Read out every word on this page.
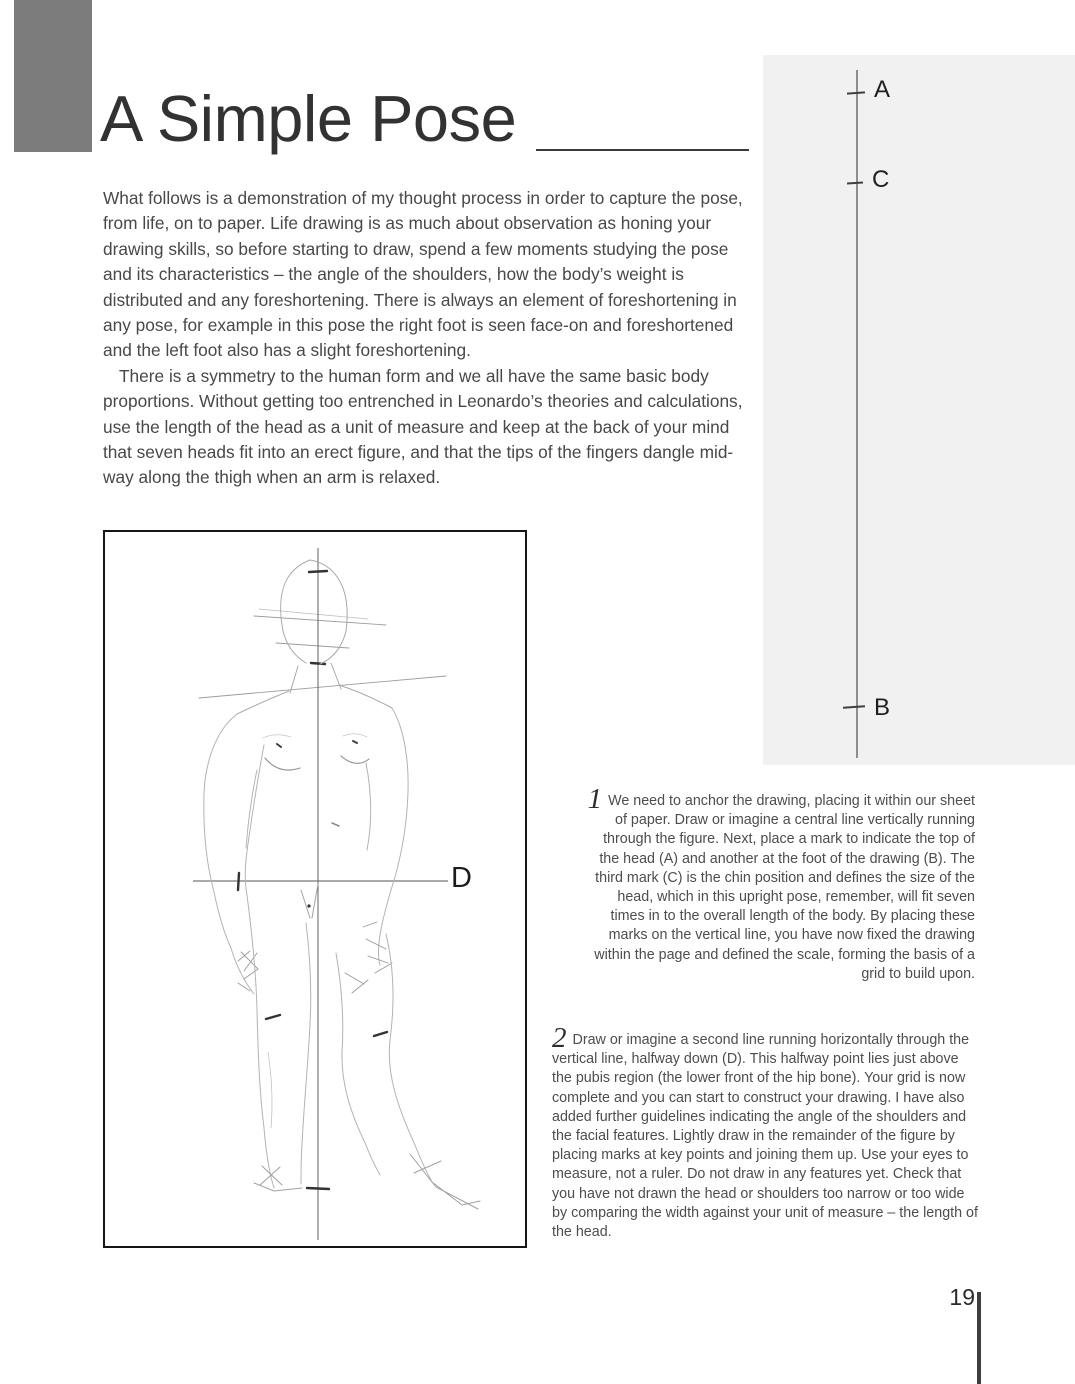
A Simple Pose

What follows is a demonstration of my thought process in order to capture the pose, from life, on to paper. Life drawing is as much about observation as honing your drawing skills, so before starting to draw, spend a few moments studying the pose and its characteristics – the angle of the shoulders, how the body’s weight is distributed and any foreshortening. There is always an element of foreshortening in any pose, for example in this pose the right foot is seen face-on and foreshortened and the left foot also has a slight foreshortening.

There is a symmetry to the human form and we all have the same basic body proportions. Without getting too entrenched in Leonardo’s theories and calculations, use the length of the head as a unit of measure and keep at the back of your mind that seven heads fit into an erect figure, and that the tips of the fingers dangle mid-way along the thigh when an arm is relaxed.

A
C
B
D

1 We need to anchor the drawing, placing it within our sheet of paper. Draw or imagine a central line vertically running through the figure. Next, place a mark to indicate the top of the head (A) and another at the foot of the drawing (B). The third mark (C) is the chin position and defines the size of the head, which in this upright pose, remember, will fit seven times in to the overall length of the body. By placing these marks on the vertical line, you have now fixed the drawing within the page and defined the scale, forming the basis of a grid to build upon.

2 Draw or imagine a second line running horizontally through the vertical line, halfway down (D). This halfway point lies just above the pubis region (the lower front of the hip bone). Your grid is now complete and you can start to construct your drawing. I have also added further guidelines indicating the angle of the shoulders and the facial features. Lightly draw in the remainder of the figure by placing marks at key points and joining them up. Use your eyes to measure, not a ruler. Do not draw in any features yet. Check that you have not drawn the head or shoulders too narrow or too wide by comparing the width against your unit of measure – the length of the head.

19
